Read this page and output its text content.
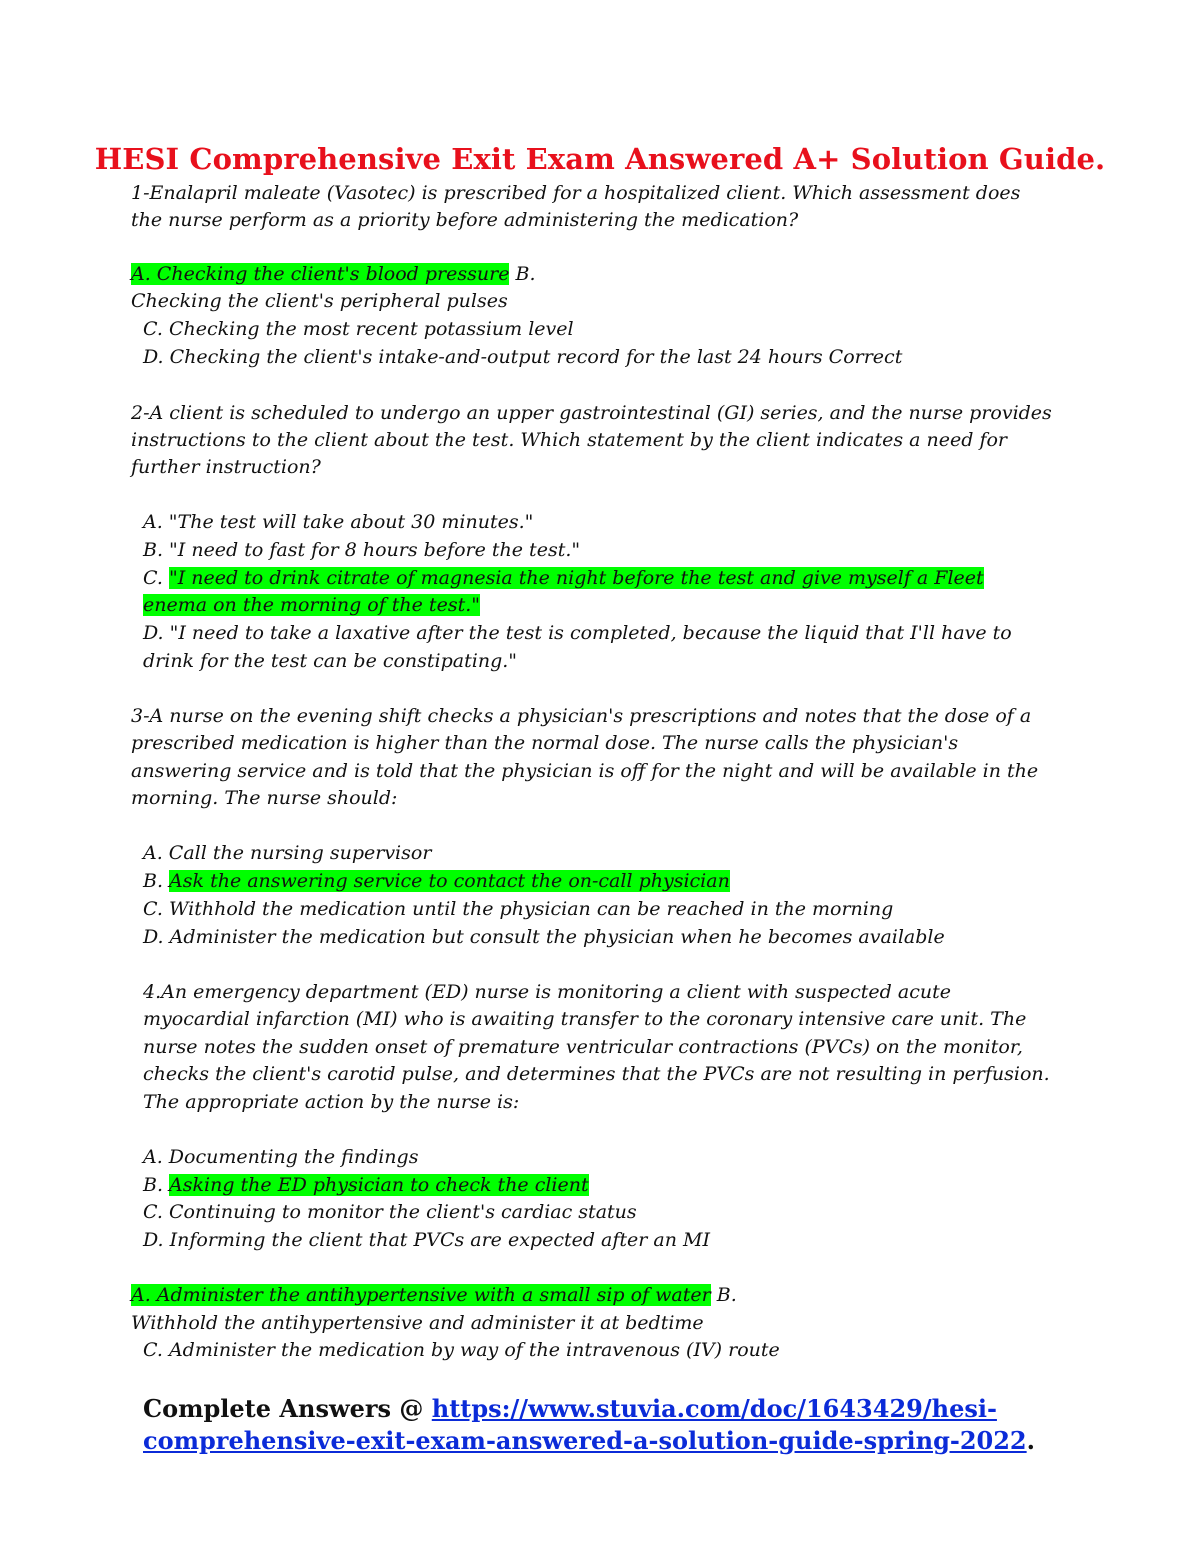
HESI Comprehensive Exit Exam Answered A+ Solution Guide.
1-Enalapril maleate (Vasotec) is prescribed for a hospitalized client. Which assessment does
the nurse perform as a priority before administering the medication?
A. Checking the client's blood pressure B.
Checking the client's peripheral pulses
C. Checking the most recent potassium level
D. Checking the client's intake-and-output record for the last 24 hours Correct
2-A client is scheduled to undergo an upper gastrointestinal (GI) series, and the nurse provides
instructions to the client about the test. Which statement by the client indicates a need for
further instruction?
A. "The test will take about 30 minutes."
B. "I need to fast for 8 hours before the test."
C. "I need to drink citrate of magnesia the night before the test and give myself a Fleet
enema on the morning of the test."
D. "I need to take a laxative after the test is completed, because the liquid that I'll have to
drink for the test can be constipating."
3-A nurse on the evening shift checks a physician's prescriptions and notes that the dose of a
prescribed medication is higher than the normal dose. The nurse calls the physician's
answering service and is told that the physician is off for the night and will be available in the
morning. The nurse should:
A. Call the nursing supervisor
B. Ask the answering service to contact the on-call physician
C. Withhold the medication until the physician can be reached in the morning
D. Administer the medication but consult the physician when he becomes available
4.An emergency department (ED) nurse is monitoring a client with suspected acute
myocardial infarction (MI) who is awaiting transfer to the coronary intensive care unit. The
nurse notes the sudden onset of premature ventricular contractions (PVCs) on the monitor,
checks the client's carotid pulse, and determines that the PVCs are not resulting in perfusion.
The appropriate action by the nurse is:
A. Documenting the findings
B. Asking the ED physician to check the client
C. Continuing to monitor the client's cardiac status
D. Informing the client that PVCs are expected after an MI
A. Administer the antihypertensive with a small sip of water B.
Withhold the antihypertensive and administer it at bedtime
C. Administer the medication by way of the intravenous (IV) route
Complete Answers @ https://www.stuvia.com/doc/1643429/hesi-
comprehensive-exit-exam-answered-a-solution-guide-spring-2022.
